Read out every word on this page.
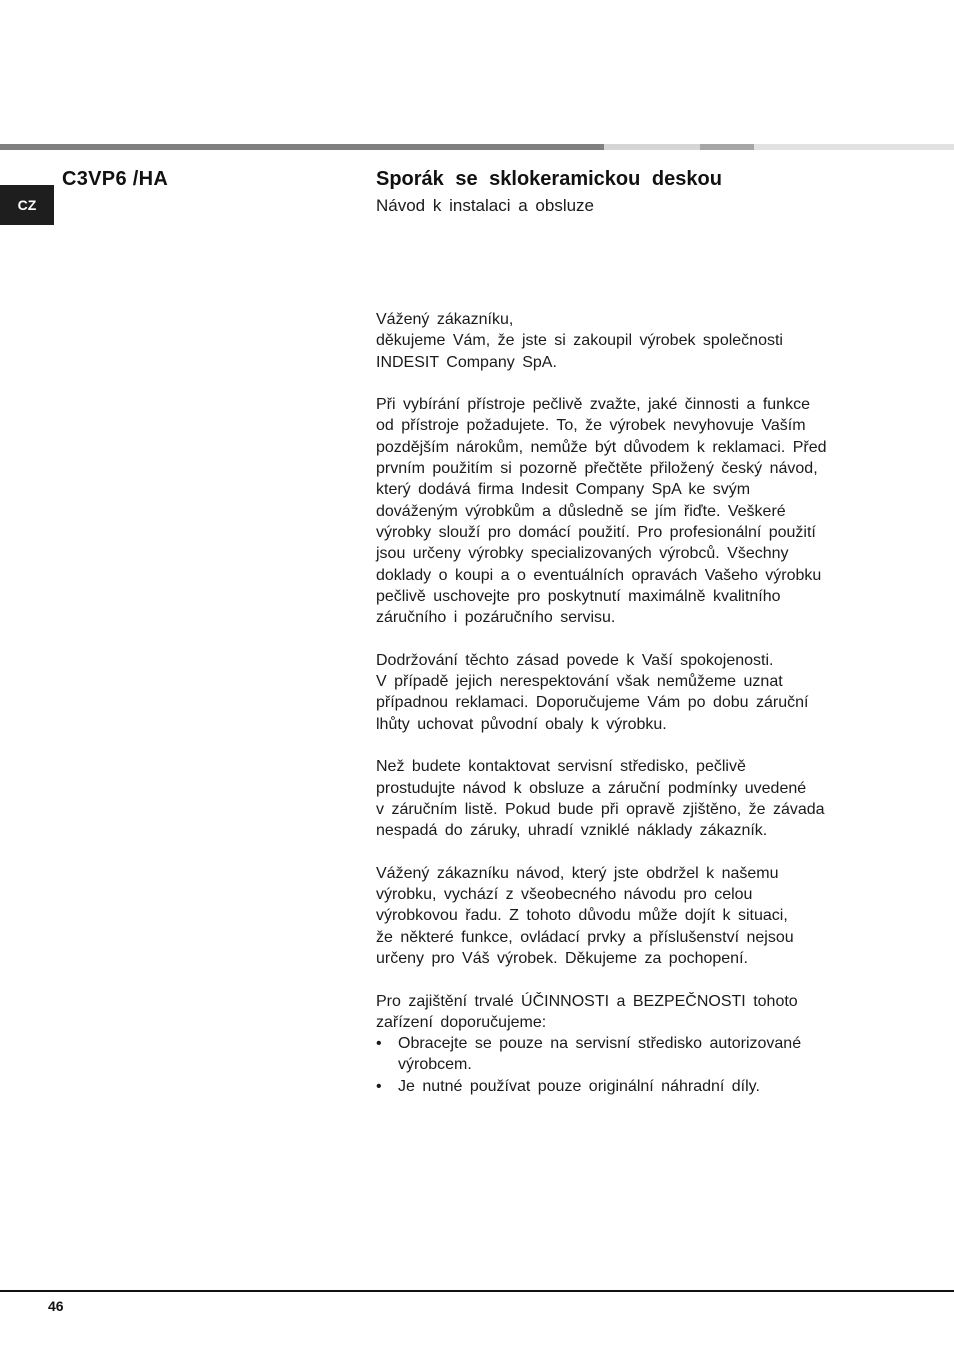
CZ
C3VP6 /HA	Sporák se sklokeramickou deskou
Návod k instalaci a obsluze

Vážený zákazníku,
děkujeme Vám, že jste si zakoupil výrobek společnosti
INDESIT Company SpA.

Při vybírání přístroje pečlivě zvažte, jaké činnosti a funkce
od přístroje požadujete. To, že výrobek nevyhovuje Vaším
pozdějším nárokům, nemůže být důvodem k reklamaci. Před
prvním použitím si pozorně přečtěte přiložený český návod,
který dodává firma Indesit Company SpA ke svým
dováženým výrobkům a důsledně se jím řiďte. Veškeré
výrobky slouží pro domácí použití. Pro profesionální použití
jsou určeny výrobky specializovaných výrobců. Všechny
doklady o koupi a o eventuálních opravách Vašeho výrobku
pečlivě uschovejte pro poskytnutí maximálně kvalitního
záručního i pozáručního servisu.

Dodržování těchto zásad povede k Vaší spokojenosti.
V případě jejich nerespektování však nemůžeme uznat
případnou reklamaci. Doporučujeme Vám po dobu záruční
lhůty uchovat původní obaly k výrobku.

Než budete kontaktovat servisní středisko, pečlivě
prostudujte návod k obsluze a záruční podmínky uvedené
v záručním listě. Pokud bude při opravě zjištěno, že závada
nespadá do záruky, uhradí vzniklé náklady zákazník.

Vážený zákazníku návod, který jste obdržel k našemu
výrobku, vychází z všeobecného návodu pro celou
výrobkovou řadu. Z tohoto důvodu může dojít k situaci,
že některé funkce, ovládací prvky a příslušenství nejsou
určeny pro Váš výrobek. Děkujeme za pochopení.

Pro zajištění trvalé ÚČINNOSTI a BEZPEČNOSTI tohoto
zařízení doporučujeme:
• Obracejte se pouze na servisní středisko autorizované
výrobcem.
• Je nutné používat pouze originální náhradní díly.
46
